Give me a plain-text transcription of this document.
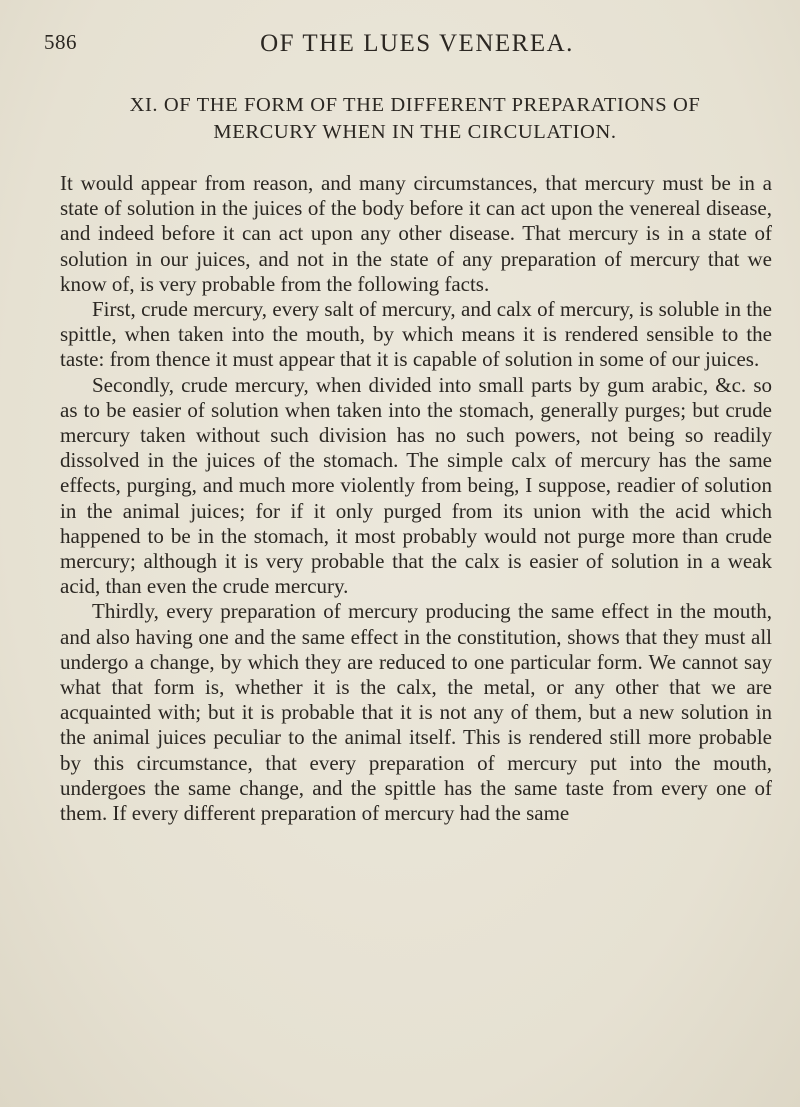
586	OF THE LUES VENEREA.
XI. OF THE FORM OF THE DIFFERENT PREPARATIONS OF
MERCURY WHEN IN THE CIRCULATION.

It would appear from reason, and many circumstances, that mercury must be in a state of solution in the juices of the body before it can act upon the venereal disease, and indeed before it can act upon any other disease. That mercury is in a state of solution in our juices, and not in the state of any preparation of mercury that we know of, is very probable from the following facts.

First, crude mercury, every salt of mercury, and calx of mercury, is soluble in the spittle, when taken into the mouth, by which means it is rendered sensible to the taste: from thence it must appear that it is capable of solution in some of our juices.

Secondly, crude mercury, when divided into small parts by gum arabic, &c. so as to be easier of solution when taken into the stomach, generally purges; but crude mercury taken without such division has no such powers, not being so readily dissolved in the juices of the stomach. The simple calx of mercury has the same effects, purging, and much more violently from being, I suppose, readier of solution in the animal juices; for if it only purged from its union with the acid which happened to be in the stomach, it most probably would not purge more than crude mercury; although it is very probable that the calx is easier of solution in a weak acid, than even the crude mercury.

Thirdly, every preparation of mercury producing the same effect in the mouth, and also having one and the same effect in the constitution, shows that they must all undergo a change, by which they are reduced to one particular form. We cannot say what that form is, whether it is the calx, the metal, or any other that we are acquainted with; but it is probable that it is not any of them, but a new solution in the animal juices peculiar to the animal itself. This is rendered still more probable by this circumstance, that every preparation of mercury put into the mouth, undergoes the same change, and the spittle has the same taste from every one of them. If every different preparation of mercury had the same
